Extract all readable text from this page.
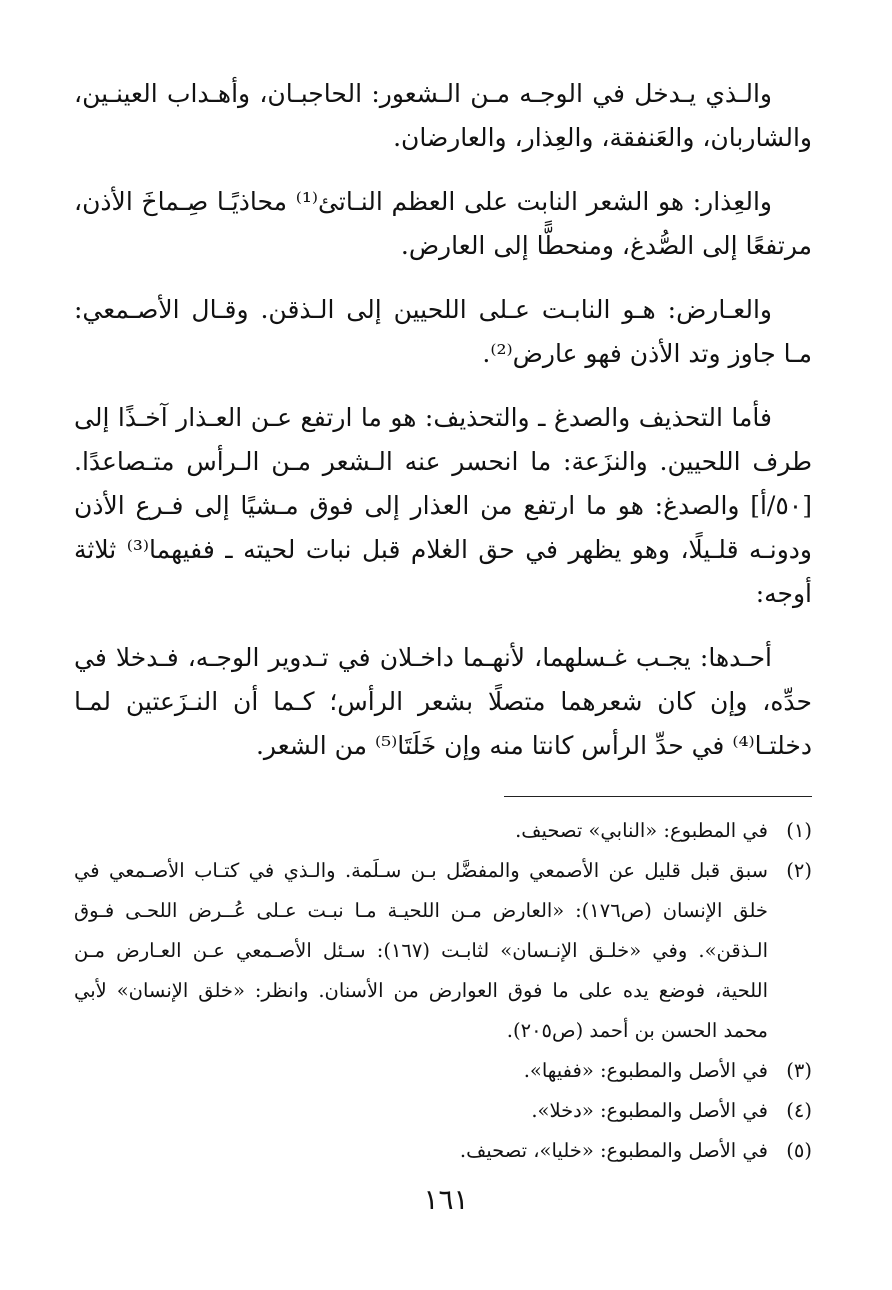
والـذي يـدخل في الوجـه مـن الـشعور: الحاجبـان، وأهـداب العينـين، والشاربان، والعَنفقة، والعِذار، والعارضان.

والعِذار: هو الشعر النابت على العظم النـاتئ⁽¹⁾ محاذيًـا صِـماخَ الأذن، مرتفعًا إلى الصُّدغ، ومنحطًّا إلى العارض.

والعـارض: هـو النابـت عـلى اللحيين إلى الـذقن. وقـال الأصـمعي: مـا جاوز وتد الأذن فهو عارض⁽²⁾.

فأما التحذيف والصدغ ـ والتحذيف: هو ما ارتفع عـن العـذار آخـذًا إلى طرف اللحيين. والنزَعة: ما انحسر عنه الـشعر مـن الـرأس متـصاعدًا. [٥٠/أ] والصدغ: هو ما ارتفع من العذار إلى فوق مـشيًا إلى فـرع الأذن ودونـه قلـيلًا، وهو يظهر في حق الغلام قبل نبات لحيته ـ ففيهما⁽³⁾ ثلاثة أوجه:

أحـدها: يجـب غـسلهما، لأنهـما داخـلان في تـدوير الوجـه، فـدخلا في حدِّه، وإن كان شعرهما متصلًا بشعر الرأس؛ كـما أن النـزَعتين لمـا دخلتـا⁽⁴⁾ في حدِّ الرأس كانتا منه وإن خَلَتَا⁽⁵⁾ من الشعر.

(١)
في المطبوع: «النابي» تصحيف.
(٢)
سبق قبل قليل عن الأصمعي والمفضَّل بـن سـلَمة. والـذي في كتـاب الأصـمعي في خلق الإنسان (ص١٧٦): «العارض مـن اللحيـة مـا نبـت عـلى عُــرض اللحـى فـوق الـذقن». وفي «خلـق الإنـسان» لثابـت (١٦٧): سـئل الأصـمعي عـن العـارض مـن اللحية، فوضع يده على ما فوق العوارض من الأسنان. وانظر: «خلق الإنسان» لأبي محمد الحسن بن أحمد (ص٢٠٥).
(٣)
في الأصل والمطبوع: «ففيها».
(٤)
في الأصل والمطبوع: «دخلا».
(٥)
في الأصل والمطبوع: «خليا»، تصحيف.
١٦١
